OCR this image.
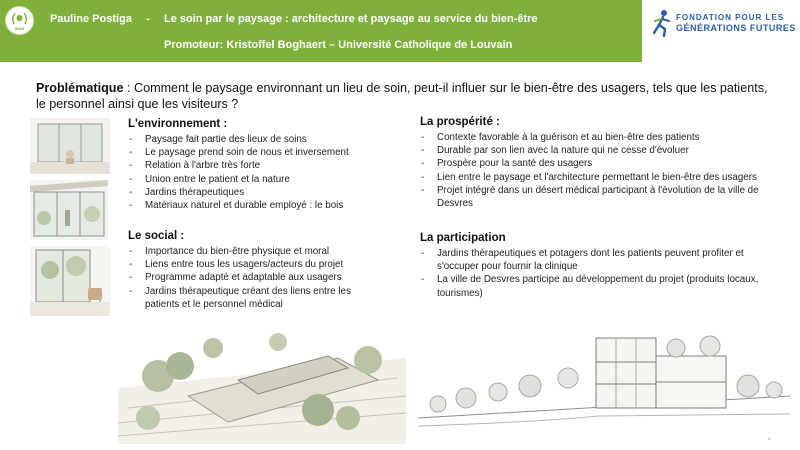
2024
Pauline Postiga - Le soin par le paysage : architecture et paysage au service du bien-être
Promoteur: Kristoffel Boghaert – Université Catholique de Louvain
FONDATION POUR LES
GÉNÉRATIONS FUTURES
Problématique : Comment le paysage environnant un lieu de soin, peut-il influer sur le bien-être des usagers, tels que les patients, le personnel ainsi que les visiteurs ?
L'environnement :
- Paysage fait partie des lieux de soins
- Le paysage prend soin de nous et inversement
- Relation à l'arbre très forte
- Union entre le patient et la nature
- Jardins thérapeutiques
- Matériaux naturel et durable employé : le bois
Le social :
- Importance du bien-être physique et moral
- Liens entre tous les usagers/acteurs du projet
- Programme adapté et adaptable aux usagers
- Jardins thérapeutique créant des liens entre les patients et le personnel médical
La prospérité :
- Contexte favorable à la guérison et au bien-être des patients
- Durable par son lien avec la nature qui ne cesse d'évoluer
- Prospère pour la santé des usagers
- Lien entre le paysage et l'architecture permettant le bien-être des usagers
- Projet intégré dans un désert médical participant à l'évolution de la ville de Desvres
La participation
- Jardins thérapeutiques et potagers dont les patients peuvent profiter et s'occuper pour fournir la clinique
- La ville de Desvres participe au développement du projet (produits locaux, tourismes)
▪▪
